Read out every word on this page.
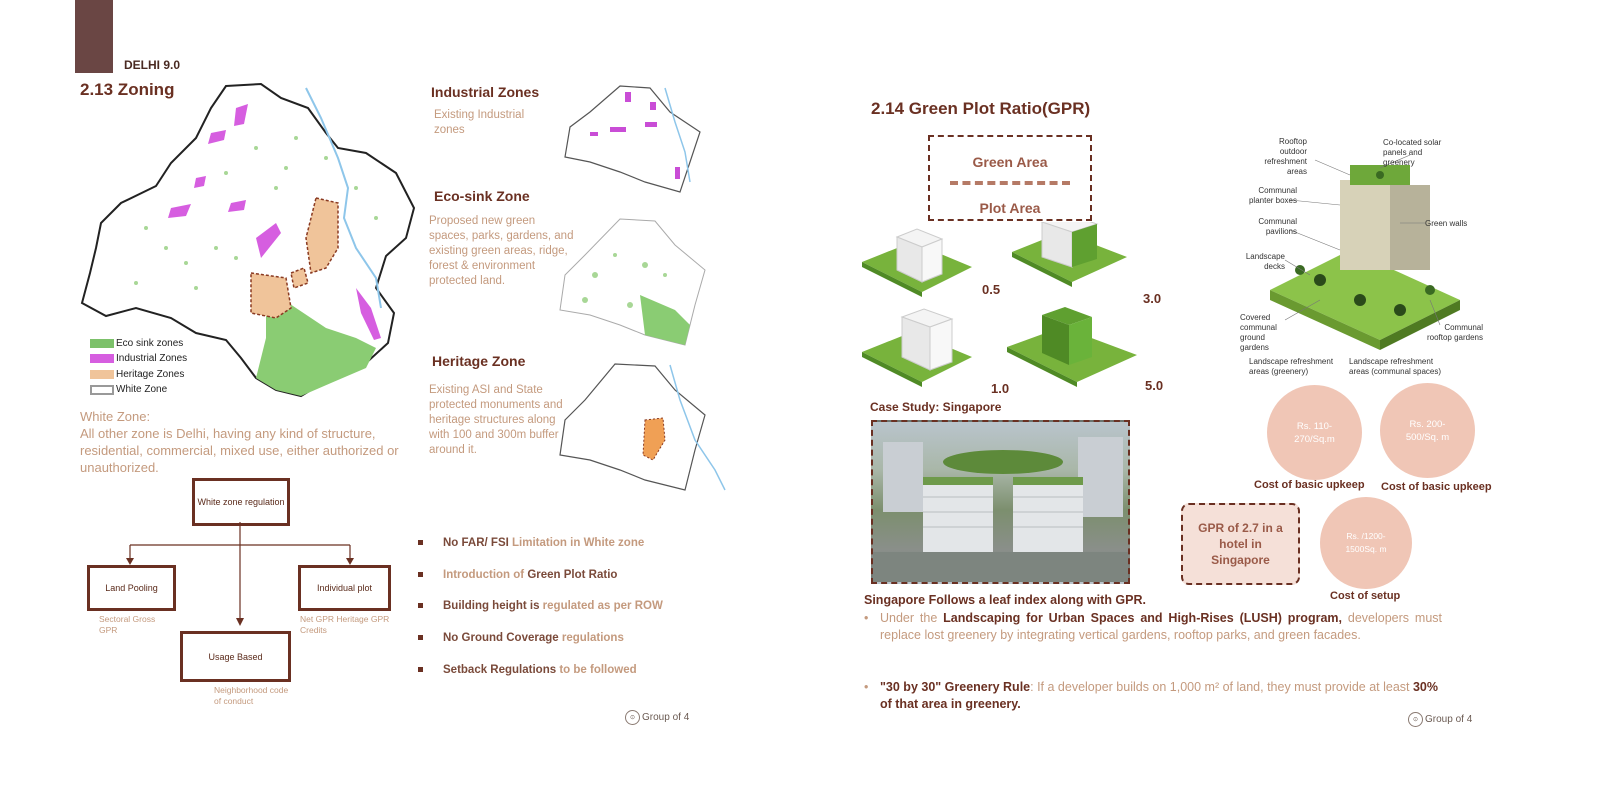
DELHI 9.0
2.13 Zoning
Eco sink zones
Industrial Zones
Heritage Zones
White Zone
White Zone:
All other zone is Delhi, having any kind of structure, residential, commercial, mixed use, either authorized or unauthorized.
Industrial Zones
Existing Industrial zones
Eco-sink Zone
Proposed new green spaces, parks, gardens, and existing green areas, ridge, forest & environment protected land.
Heritage Zone
Existing ASI and State protected monuments and heritage structures along with 100 and 300m buffer around it.
White zone regulation
Land Pooling
Sectoral Gross GPR
Individual plot
Net GPR Heritage GPR Credits
Usage Based
Neighborhood code of conduct
No FAR/ FSI Limitation in White zone
Introduction of Green Plot Ratio
Building height is regulated as per ROW
No Ground Coverage regulations
Setback Regulations to be followed
⊙ Group of 4
2.14 Green Plot Ratio(GPR)
Green Area
Plot Area
0.5
3.0
1.0	5.0
Case Study: Singapore
GPR of 2.7 in a hotel in Singapore
Rooftop outdoor refreshment areas
Co-located solar panels and greenery
Communal planter boxes
Green walls
Communal pavilions
Landscape decks
Covered communal ground gardens
Communal rooftop gardens
Landscape refreshment areas (greenery)
Landscape refreshment areas (communal spaces)
Rs. 110-270/Sq.m
Cost of basic upkeep
Rs. 200-500/Sq. m
Cost of basic upkeep
Rs. /1200-1500Sq. m
Cost of setup
Singapore Follows a leaf index along with GPR.
• Under the Landscaping for Urban Spaces and High-Rises (LUSH) program, developers must replace lost greenery by integrating vertical gardens, rooftop parks, and green facades.
• "30 by 30" Greenery Rule: If a developer builds on 1,000 m² of land, they must provide at least 30% of that area in greenery.
⊙ Group of 4
